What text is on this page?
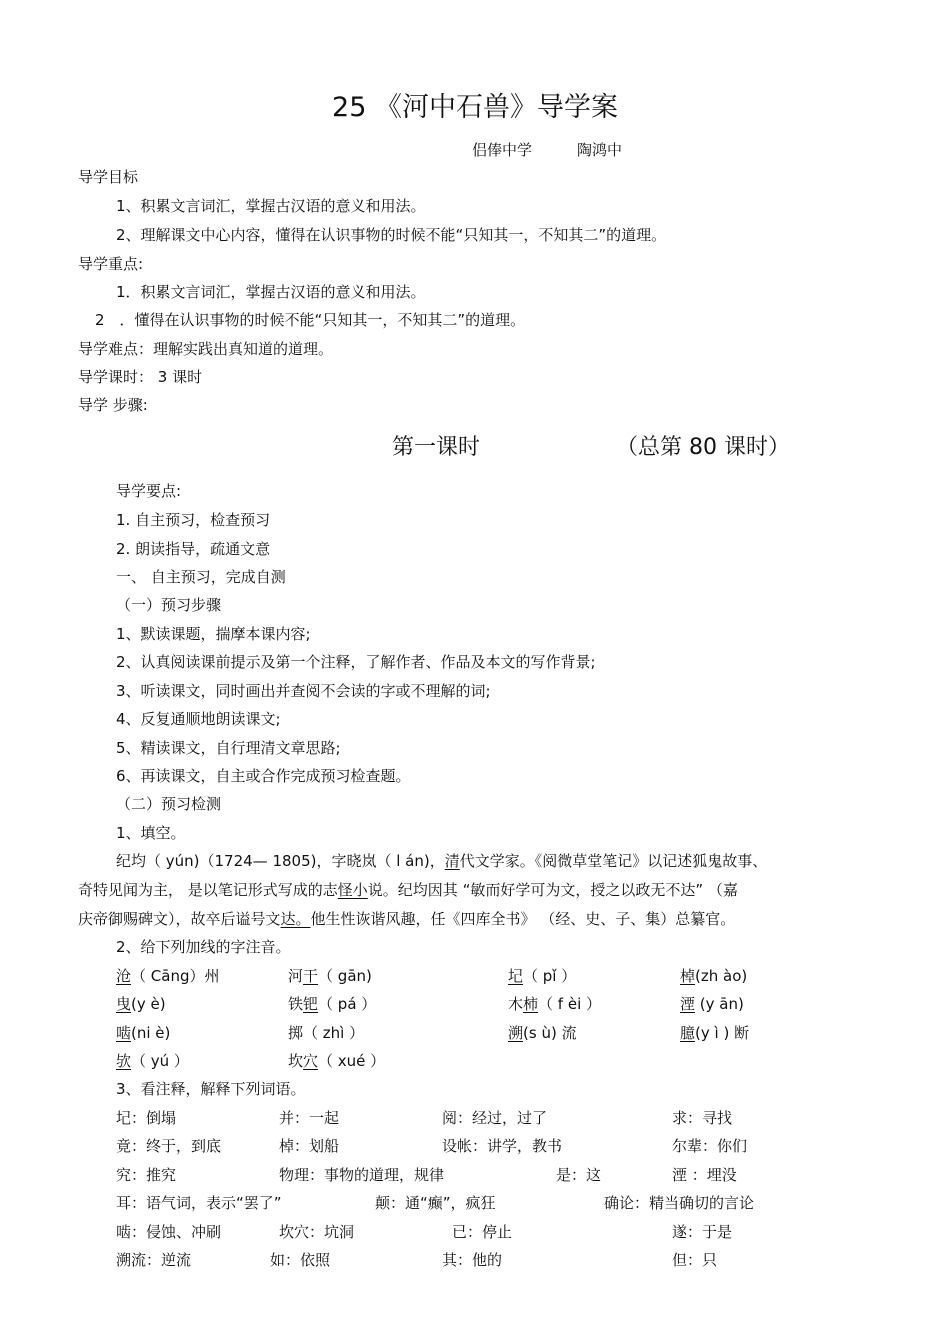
25 《河中石兽》导学案
侣俸中学	陶鸿中
导学目标
1、积累文言词汇，掌握古汉语的意义和用法。
2、理解课文中心内容，懂得在认识事物的时候不能“只知其一，不知其二”的道理。
导学重点:
1．积累文言词汇，掌握古汉语的意义和用法。
2　．懂得在认识事物的时候不能“只知其一，不知其二”的道理。
导学难点：理解实践出真知道的道理。
导学课时： 3 课时
导学 步骤:
第一课时	（总第 80 课时）
导学要点:
1. 自主预习，检查预习
2. 朗读指导，疏通文意
一、 自主预习，完成自测
（一）预习步骤
1、默读课题，揣摩本课内容;
2、认真阅读课前提示及第一个注释，了解作者、作品及本文的写作背景;
3、听读课文，同时画出并查阅不会读的字或不理解的词;
4、反复通顺地朗读课文;
5、精读课文，自行理清文章思路;
6、再读课文，自主或合作完成预习检查题。
（二）预习检测
1、填空。
纪均（ yún)（1724— 1805)，字晓岚（ l án)，清代文学家。《阅微草堂笔记》以记述狐鬼故事、
奇特见闻为主， 是以笔记形式写成的志怪小说。纪均因其 “敏而好学可为文，授之以政无不达” （嘉
庆帝御赐碑文），故卒后谥号文达。他生性诙谐风趣，任《四库全书》 （经、史、子、集）总纂官。
2、给下列加线的字注音。
沧（ Cāng）州	河干（ gān)	圮（ pǐ ）	棹(zh ào)
曳(y è)	铁钯（ pá ）	木柿（ f èi ）	湮 (y ān)
啮(ni è)	掷（ zhì ）	溯(s ù) 流	臆(y ì ) 断
欤（ yú ）	坎穴（ xué ）
3、看注释，解释下列词语。
圮：倒塌	并：一起	阅：经过，过了	求：寻找
竟：终于，到底	棹：划船	设帐：讲学，教书	尔辈：你们
究：推究	物理：事物的道理，规律	是：这	湮 ：埋没
耳：语气词，表示“罢了”	颠：通“癫”，疯狂	确论：精当确切的言论
啮：侵蚀、冲刷	坎穴：坑洞	已：停止	遂：于是
溯流：逆流	如：依照	其：他的	但：只
